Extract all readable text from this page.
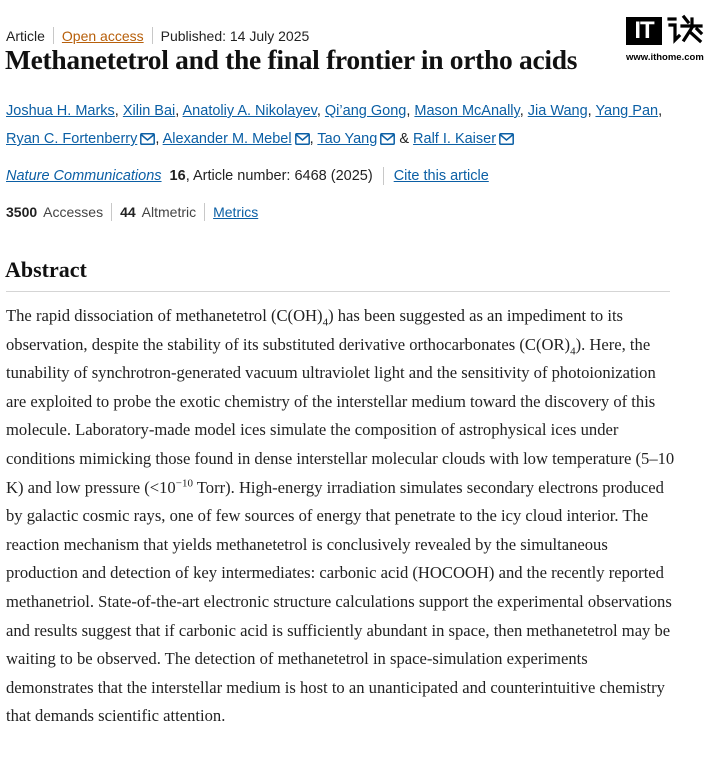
Article Open access Published: 14 July 2025	IT
www.ithome.com
Methanetetrol and the final frontier in ortho acids
Joshua H. Marks, Xilin Bai, Anatoliy A. Nikolayev, Qi’ang Gong, Mason McAnally, Jia Wang, Yang Pan,
Ryan C. Fortenberry , Alexander M. Mebel , Tao Yang & Ralf I. Kaiser
Nature Communications 16 , Article number: 6468 (2025) Cite this article
3500 Accesses 44 Altmetric Metrics
Abstract

The rapid dissociation of methanetetrol $(C(OH)_4)$ has been suggested as an impediment to its observation, despite the stability of its substituted derivative orthocarbonates $(C(OR)_4)$. Here, the tunability of synchrotron-generated vacuum ultraviolet light and the sensitivity of photoionization are exploited to probe the exotic chemistry of the interstellar medium toward the discovery of this molecule. Laboratory-made model ices simulate the composition of astrophysical ices under conditions mimicking those found in dense interstellar molecular clouds with low temperature (5–10 K) and low pressure ($<10^{-10}$ Torr). High-energy irradiation simulates secondary electrons produced by galactic cosmic rays, one of few sources of energy that penetrate to the icy cloud interior. The reaction mechanism that yields methanetetrol is conclusively revealed by the simultaneous production and detection of key intermediates: carbonic acid (HOCOOH) and the recently reported methanetriol. State-of-the-art electronic structure calculations support the experimental observations and results suggest that if carbonic acid is sufficiently abundant in space, then methanetetrol may be waiting to be observed. The detection of methanetetrol in space-simulation experiments demonstrates that the interstellar medium is host to an unanticipated and counterintuitive chemistry that demands scientific attention.
